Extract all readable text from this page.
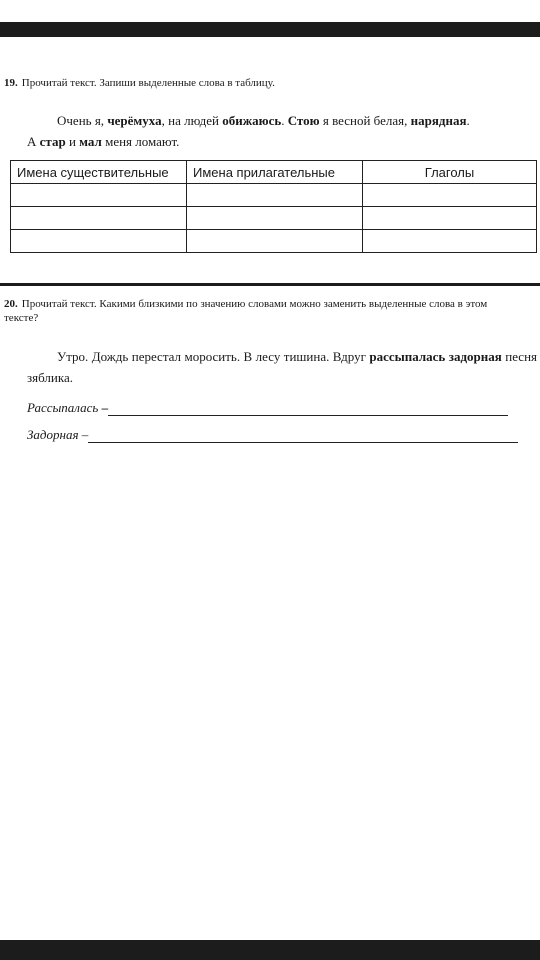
19. Прочитай текст. Запиши выделенные слова в таблицу.
Очень я, черёмуха, на людей обижаюсь. Стою я весной белая, нарядная.
А стар и мал меня ломают.
Имена существительные	Имена прилагательные	Глаголы

20. Прочитай текст. Какими близкими по значению словами можно заменить выделенные слова в этом тексте?
Утро. Дождь перестал моросить. В лесу тишина. Вдруг рассыпалась задорная песня зяблика.
Рассыпалась –
Задорная –
